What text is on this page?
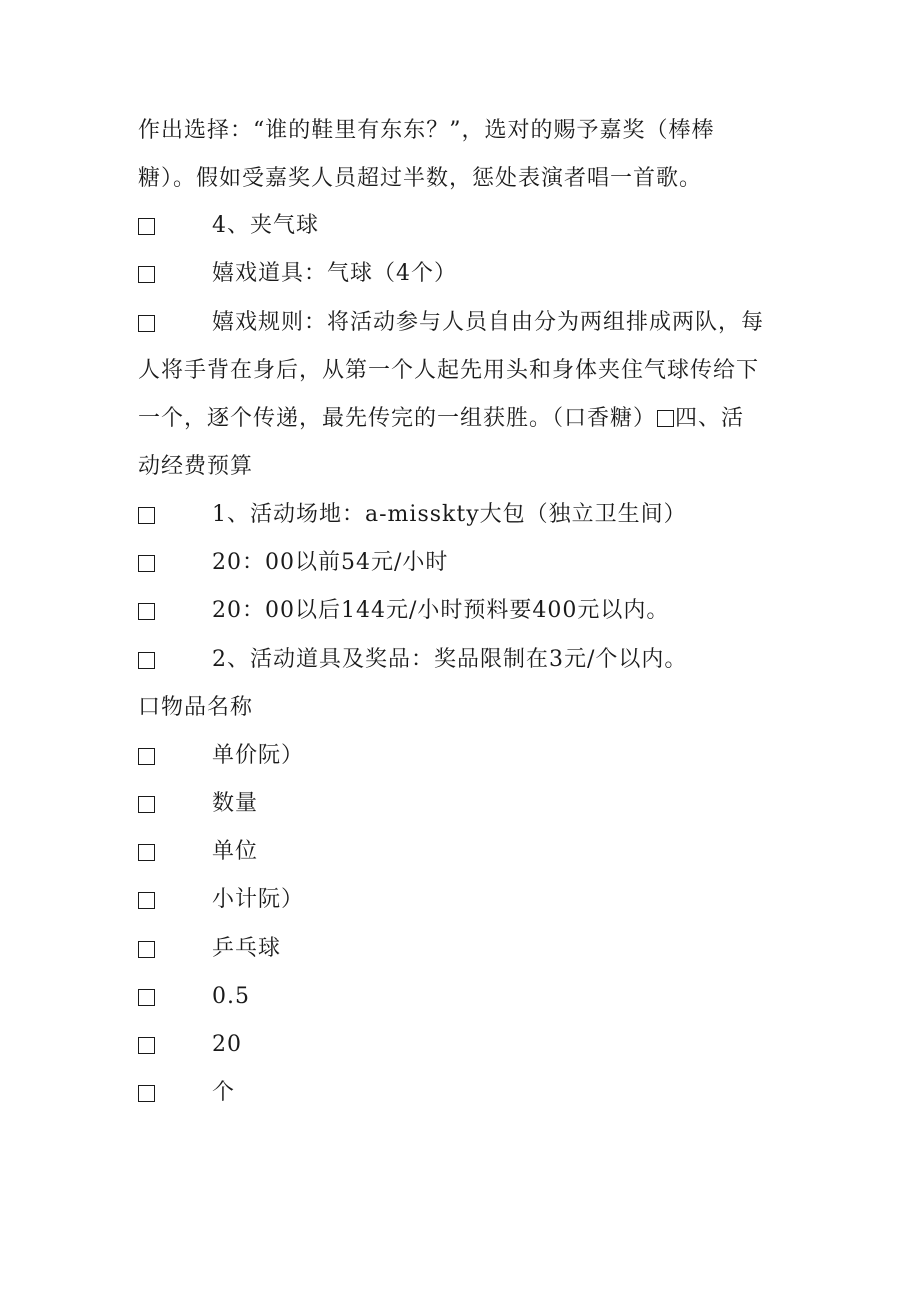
作出选择：“谁的鞋里有东东？”，选对的赐予嘉奖（棒棒
糖）。假如受嘉奖人员超过半数，惩处表演者唱一首歌。
4、夹气球
嬉戏道具：气球（4个）
嬉戏规则：将活动参与人员自由分为两组排成两队，每
人将手背在身后，从第一个人起先用头和身体夹住气球传给下
一个，逐个传递，最先传完的一组获胜。（口香糖） 四、活
动经费预算
1、活动场地：a-misskty大包（独立卫生间）
20：00以前54元/小时
20：00以后144元/小时预料要400元以内。
2、活动道具及奖品：奖品限制在3元/个以内。
口物品名称
单价阮）
数量
单位
小计阮）
乒乓球
0.5
20
个
